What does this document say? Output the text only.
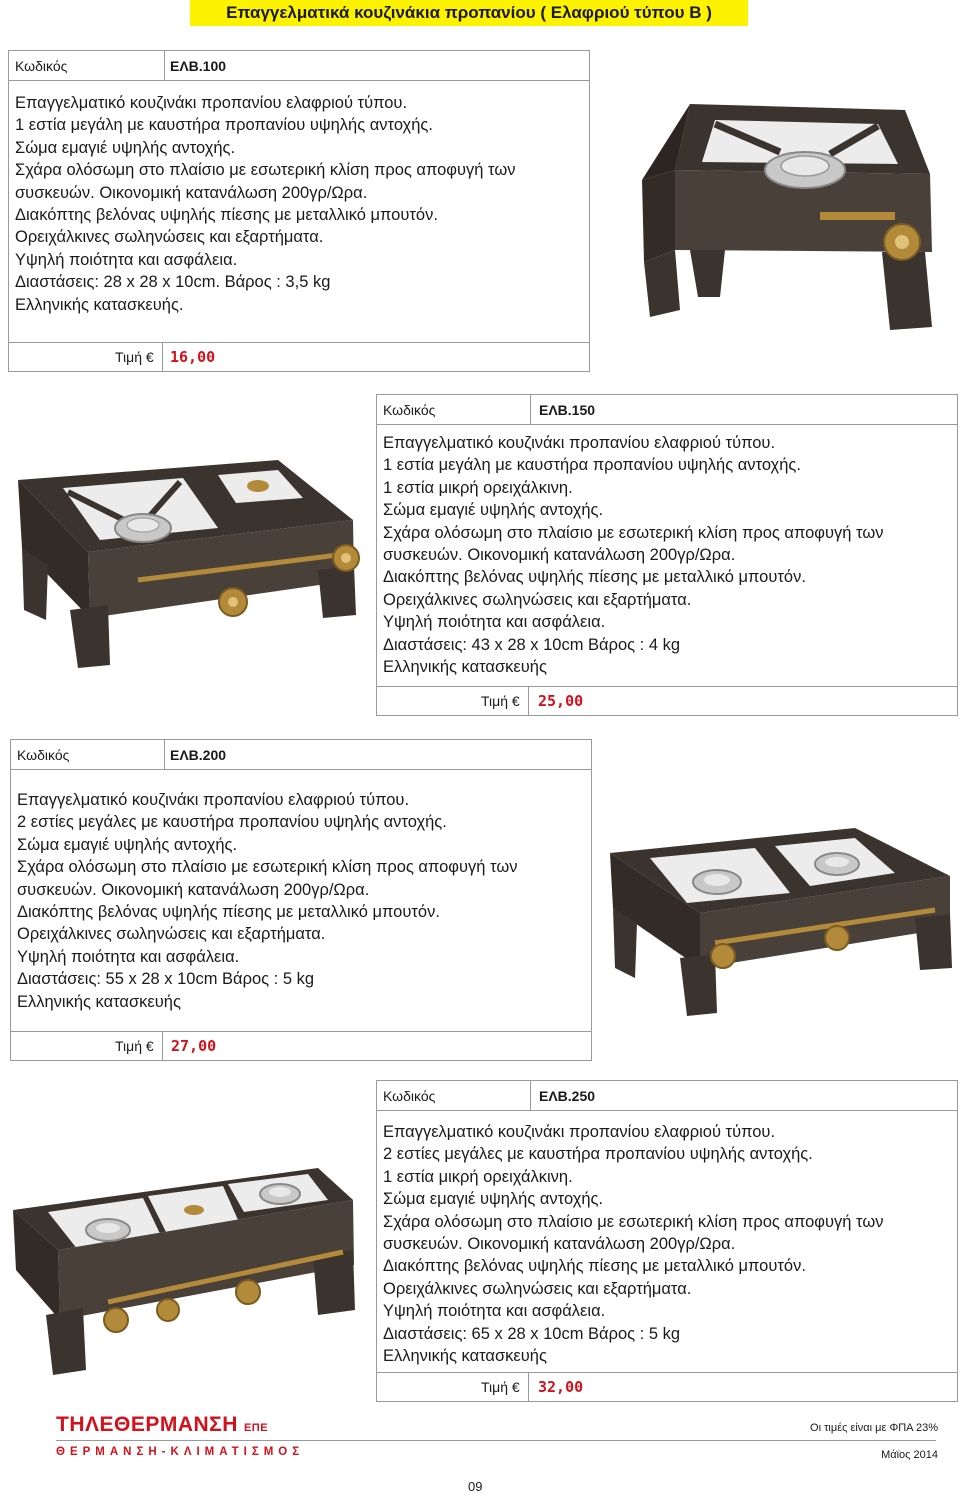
Επαγγελματικά κουζινάκια προπανίου ( Ελαφριού τύπου Β )
Κωδικός	ΕΛΒ.100
Επαγγελματικό κουζινάκι προπανίου ελαφριού τύπου.
1 εστία μεγάλη με καυστήρα προπανίου υψηλής αντοχής.
Σώμα εμαγιέ υψηλής αντοχής.
Σχάρα ολόσωμη στο πλαίσιο με εσωτερική κλίση προς αποφυγή των
συσκευών. Οικονομική κατανάλωση 200γρ/Ωρα.
Διακόπτης βελόνας υψηλής πίεσης με μεταλλικό μπουτόν.
Ορειχάλκινες σωληνώσεις και εξαρτήματα.
Υψηλή ποιότητα και ασφάλεια.
Διαστάσεις: 28 x 28 x 10cm. Βάρος : 3,5 kg
Ελληνικής κατασκευής.
Τιμή € 16,00
Κωδικός	ΕΛΒ.150
Επαγγελματικό κουζινάκι προπανίου ελαφριού τύπου.
1 εστία μεγάλη με καυστήρα προπανίου υψηλής αντοχής.
1 εστία μικρή ορειχάλκινη.
Σώμα εμαγιέ υψηλής αντοχής.
Σχάρα ολόσωμη στο πλαίσιο με εσωτερική κλίση προς αποφυγή των
συσκευών. Οικονομική κατανάλωση 200γρ/Ωρα.
Διακόπτης βελόνας υψηλής πίεσης με μεταλλικό μπουτόν.
Ορειχάλκινες σωληνώσεις και εξαρτήματα.
Υψηλή ποιότητα και ασφάλεια.
Διαστάσεις: 43 x 28 x 10cm Βάρος : 4 kg
Ελληνικής κατασκευής
Τιμή € 25,00
Κωδικός	ΕΛΒ.200
Επαγγελματικό κουζινάκι προπανίου ελαφριού τύπου.
2 εστίες μεγάλες με καυστήρα προπανίου υψηλής αντοχής.
Σώμα εμαγιέ υψηλής αντοχής.
Σχάρα ολόσωμη στο πλαίσιο με εσωτερική κλίση προς αποφυγή των
συσκευών. Οικονομική κατανάλωση 200γρ/Ωρα.
Διακόπτης βελόνας υψηλής πίεσης με μεταλλικό μπουτόν.
Ορειχάλκινες σωληνώσεις και εξαρτήματα.
Υψηλή ποιότητα και ασφάλεια.
Διαστάσεις: 55 x 28 x 10cm Βάρος : 5 kg
Ελληνικής κατασκευής
Τιμή € 27,00
Κωδικός	ΕΛΒ.250
Επαγγελματικό κουζινάκι προπανίου ελαφριού τύπου.
2 εστίες μεγάλες με καυστήρα προπανίου υψηλής αντοχής.
1 εστία μικρή ορειχάλκινη.
Σώμα εμαγιέ υψηλής αντοχής.
Σχάρα ολόσωμη στο πλαίσιο με εσωτερική κλίση προς αποφυγή των
συσκευών. Οικονομική κατανάλωση 200γρ/Ωρα.
Διακόπτης βελόνας υψηλής πίεσης με μεταλλικό μπουτόν.
Ορειχάλκινες σωληνώσεις και εξαρτήματα.
Υψηλή ποιότητα και ασφάλεια.
Διαστάσεις: 65 x 28 x 10cm Βάρος : 5 kg
Ελληνικής κατασκευής
Τιμή € 32,00
ΤΗΛΕΘΕΡΜΑΝΣΗ ΕΠΕ
ΘΕΡΜΑΝΣΗ-ΚΛΙΜΑΤΙΣΜΟΣ
Οι τιμές είναι με ΦΠΑ 23%
Μάϊος 2014
09
